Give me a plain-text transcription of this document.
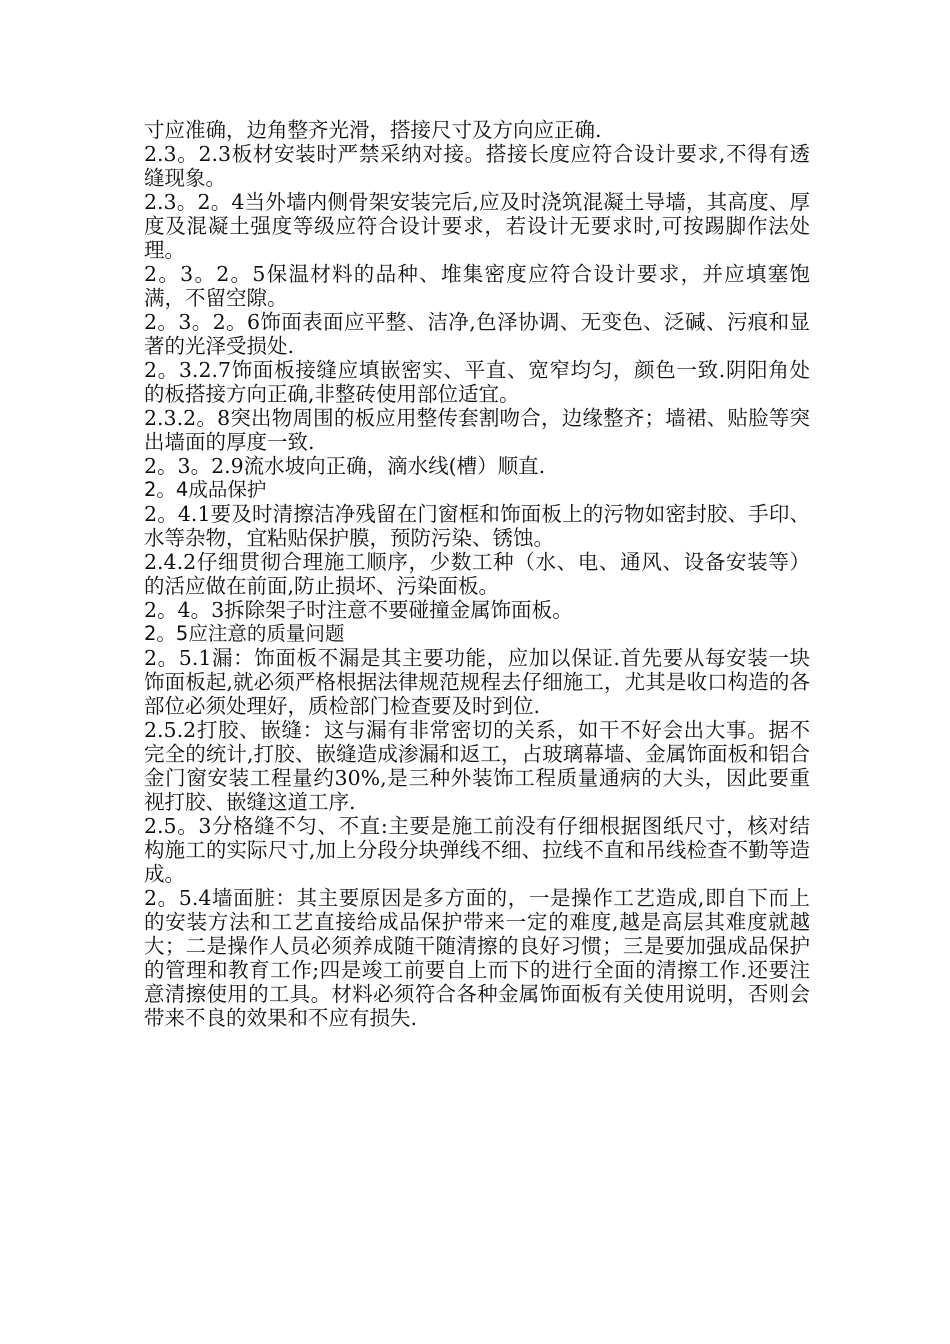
寸应准确，边角整齐光滑，搭接尺寸及方向应正确.

2.3。2.3板材安装时严禁采纳对接。搭接长度应符合设计要求,不得有透缝现象。

2.3。2。4当外墙内侧骨架安装完后,应及时浇筑混凝土导墙，其高度、厚度及混凝土强度等级应符合设计要求，若设计无要求时,可按踢脚作法处理。

2。3。2。5保温材料的品种、堆集密度应符合设计要求，并应填塞饱满，不留空隙。

2。3。2。6饰面表面应平整、洁净,色泽协调、无变色、泛碱、污痕和显著的光泽受损处.

2。3.2.7饰面板接缝应填嵌密实、平直、宽窄均匀，颜色一致.阴阳角处的板搭接方向正确,非整砖使用部位适宜。

2.3.2。8突出物周围的板应用整传套割吻合，边缘整齐；墙裙、贴脸等突出墙面的厚度一致.

2。3。2.9流水坡向正确，滴水线(槽）顺直.

2。4成品保护

2。4.1要及时清擦洁净残留在门窗框和饰面板上的污物如密封胶、手印、水等杂物，宜粘贴保护膜，预防污染、锈蚀。

2.4.2仔细贯彻合理施工顺序，少数工种（水、电、通风、设备安装等）的活应做在前面,防止损坏、污染面板。

2。4。3拆除架子时注意不要碰撞金属饰面板。

2。5应注意的质量问题

2。5.1漏：饰面板不漏是其主要功能，应加以保证.首先要从每安装一块饰面板起,就必须严格根据法律规范规程去仔细施工，尤其是收口构造的各部位必须处理好，质检部门检查要及时到位.

2.5.2打胶、嵌缝：这与漏有非常密切的关系，如干不好会出大事。据不完全的统计,打胶、嵌缝造成渗漏和返工，占玻璃幕墙、金属饰面板和铝合金门窗安装工程量约30%,是三种外装饰工程质量通病的大头，因此要重视打胶、嵌缝这道工序.

2.5。3分格缝不匀、不直:主要是施工前没有仔细根据图纸尺寸，核对结构施工的实际尺寸,加上分段分块弹线不细、拉线不直和吊线检查不勤等造成。

2。5.4墙面脏：其主要原因是多方面的，一是操作工艺造成,即自下而上的安装方法和工艺直接给成品保护带来一定的难度,越是高层其难度就越大；二是操作人员必须养成随干随清擦的良好习惯；三是要加强成品保护的管理和教育工作;四是竣工前要自上而下的进行全面的清擦工作.还要注意清擦使用的工具。材料必须符合各种金属饰面板有关使用说明，否则会带来不良的效果和不应有损失.
